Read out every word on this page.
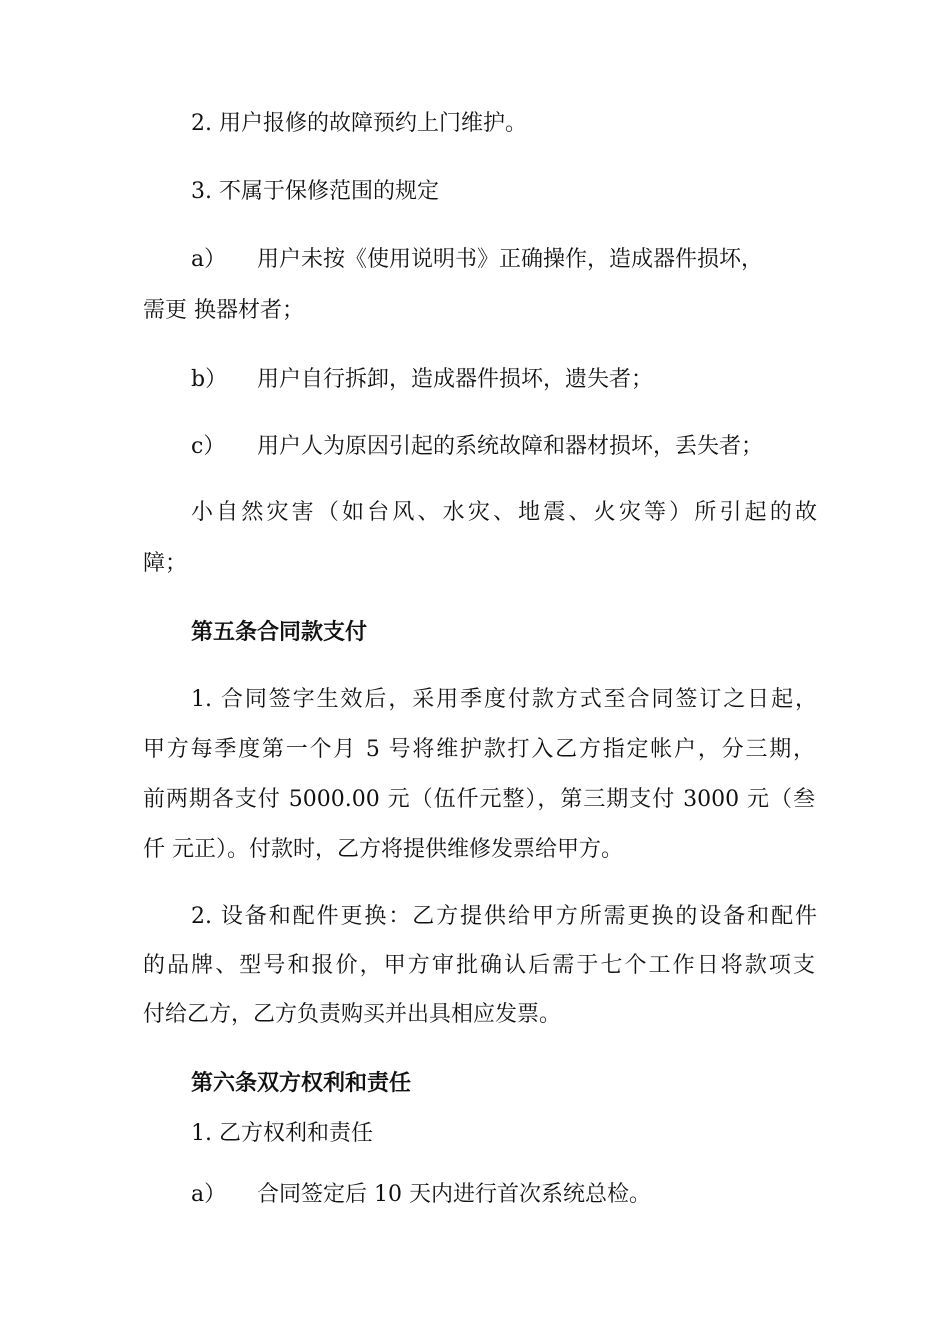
2. 用户报修的故障预约上门维护。
3. 不属于保修范围的规定
a） 用户未按《使用说明书》正确操作，造成器件损坏，
需更 换器材者；
b） 用户自行拆卸，造成器件损坏，遗失者；
c） 用户人为原因引起的系统故障和器材损坏，丢失者；
小自然灾害（如台风、水灾、地震、火灾等）所引起的故
障；
第五条合同款支付
1. 合同签字生效后，采用季度付款方式至合同签订之日起，
甲方每季度第一个月 5 号将维护款打入乙方指定帐户，分三期，
前两期各支付 5000.00 元（伍仟元整），第三期支付 3000 元（叁
仟 元正）。付款时，乙方将提供维修发票给甲方。
2. 设备和配件更换：乙方提供给甲方所需更换的设备和配件
的品牌、型号和报价，甲方审批确认后需于七个工作日将款项支
付给乙方，乙方负责购买并出具相应发票。
第六条双方权利和责任
1. 乙方权利和责任
a） 合同签定后 10 天内进行首次系统总检。
